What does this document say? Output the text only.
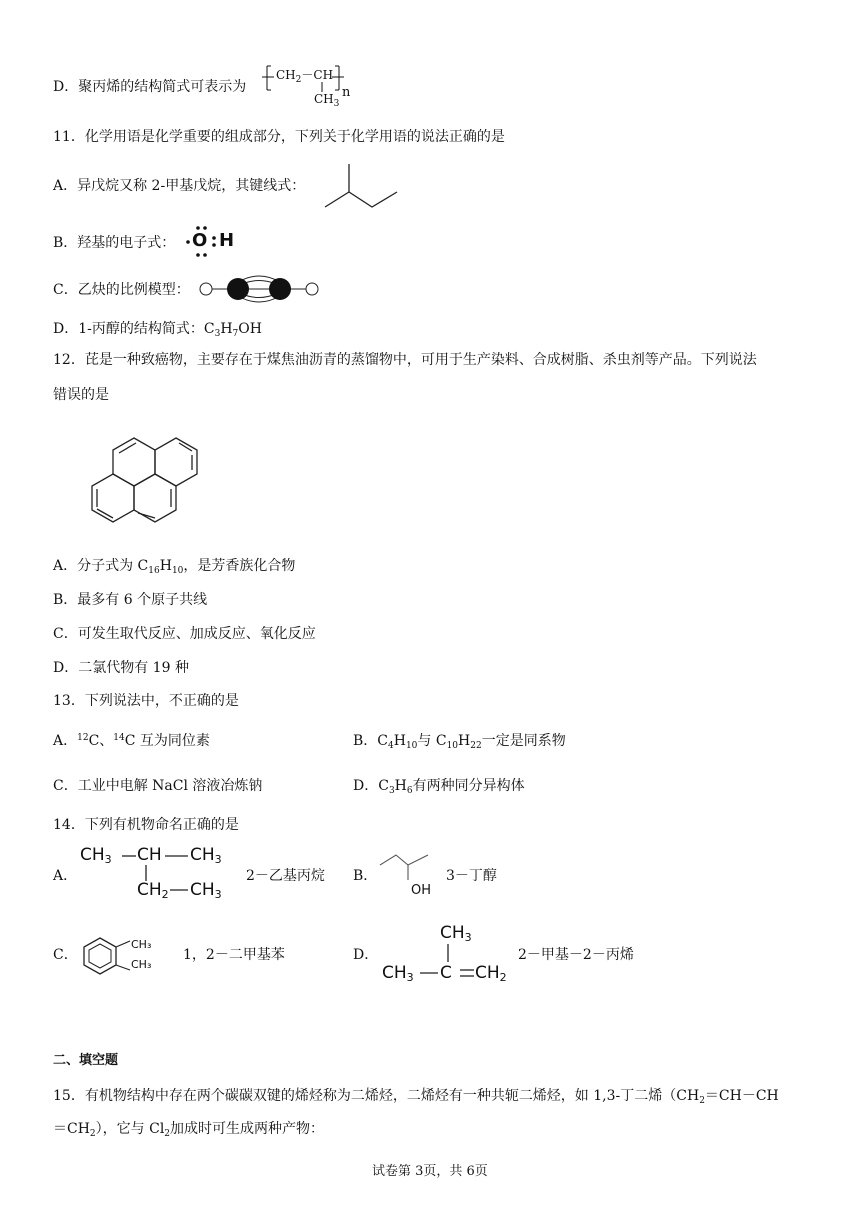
D．聚丙烯的结构简式可表示为
$CH_2-CH$
$CH_3$
n
11．化学用语是化学重要的组成部分，下列关于化学用语的说法正确的是
A．异戊烷又称 2-甲基戊烷，其键线式：
B．羟基的电子式： O H
C．乙炔的比例模型：
D．1-丙醇的结构简式：$C_3H_7OH$
12．芘是一种致癌物，主要存在于煤焦油沥青的蒸馏物中，可用于生产染料、合成树脂、杀虫剂等产品。下列说法
错误的是
A．分子式为 $C_{16}H_{10}$，是芳香族化合物
B．最多有 6 个原子共线
C．可发生取代反应、加成反应、氧化反应
D．二氯代物有 19 种
13．下列说法中，不正确的是
A．$^{12}$C、$^{14}$C 互为同位素	B．$C_4H_{10}$与 $C_{10}H_{22}$一定是同系物
C．工业中电解 NaCl 溶液冶炼钠	D．$C_3H_6$有两种同分异构体
14．下列有机物命名正确的是
A．
$CH_3$ CH $CH_3$
$CH_2$ $CH_3$
2－乙基丙烷 B．
OH
3－丁醇
C．
CH₃
CH₃
1，2－二甲基苯	D．
$CH_3$
$CH_3$ C $CH_2$
2－甲基－2－丙烯
二、填空题
15．有机物结构中存在两个碳碳双键的烯烃称为二烯烃，二烯烃有一种共轭二烯烃，如 1,3-丁二烯（$CH_2=CH-CH$
$=CH_2$），它与 $Cl_2$加成时可生成两种产物：
试卷第 3页，共 6页
